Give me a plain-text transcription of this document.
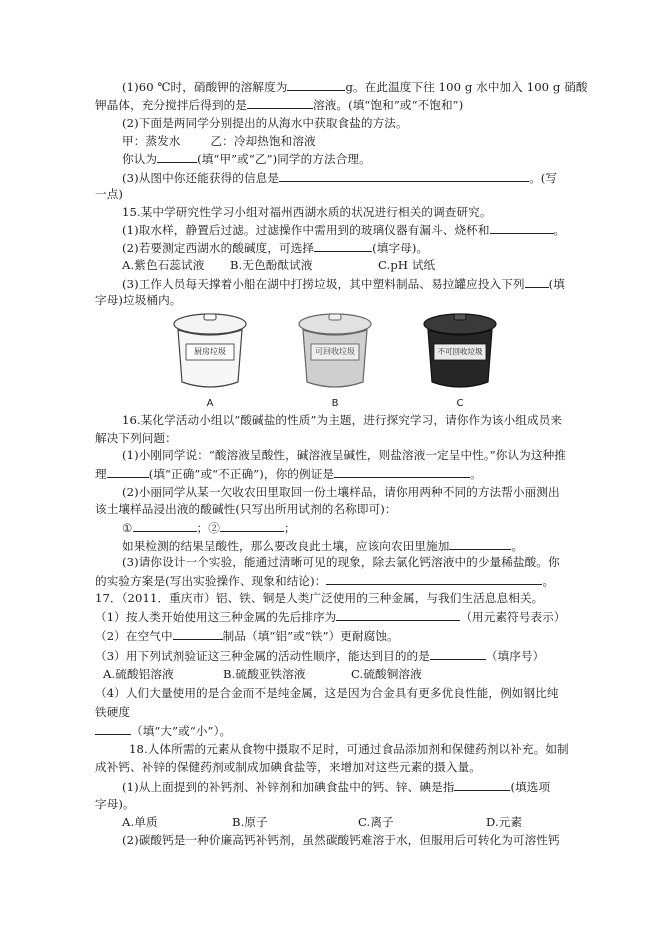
(1)60 ℃时，硝酸钾的溶解度为	g。在此温度下往 100 g 水中加入 100 g 硝酸
钾晶体，充分搅拌后得到的是	溶液。(填“饱和”或“不饱和”)
(2)下面是两同学分别提出的从海水中获取食盐的方法。
甲：蒸发水	乙：冷却热饱和溶液
你认为	(填“甲”或“乙”)同学的方法合理。
(3)从图中你还能获得的信息是	。(写
一点)
15.某中学研究性学习小组对福州西湖水质的状况进行相关的调查研究。
(1)取水样，静置后过滤。过滤操作中需用到的玻璃仪器有漏斗、烧杯和	。
(2)若要测定西湖水的酸碱度，可选择	(填字母)。
A.紫色石蕊试液 B.无色酚酞试液	C.pH 试纸
(3)工作人员每天撑着小船在湖中打捞垃圾，其中塑料制品、易拉罐应投入下列 (填
字母)垃圾桶内。
厨房垃圾	可回收垃圾	不可回收垃圾
A	B	C
16.某化学活动小组以“酸碱盐的性质”为主题，进行探究学习，请你作为该小组成员来
解决下列问题：
(1)小刚同学说：“酸溶液呈酸性，碱溶液呈碱性，则盐溶液一定呈中性。”你认为这种推
理	(填“正确”或“不正确”)，你的例证是	。
(2)小丽同学从某一欠收农田里取回一份土壤样品，请你用两种不同的方法帮小丽测出
该土壤样品浸出液的酸碱性(只写出所用试剂的名称即可)：
①	；②	；
如果检测的结果呈酸性，那么要改良此土壤，应该向农田里施加	。
(3)请你设计一个实验，能通过清晰可见的现象，除去氯化钙溶液中的少量稀盐酸。你
的实验方案是(写出实验操作、现象和结论)：	。
17．（2011．重庆市）铝、铁、铜是人类广泛使用的三种金属，与我们生活息息相关。
（1）按人类开始使用这三种金属的先后排序为	（用元素符号表示）
（2）在空气中	制品（填“铝”或“铁”）更耐腐蚀。
（3）用下列试剂验证这三种金属的活动性顺序，能达到目的的是	（填序号）
A.硫酸铝溶液	B.硫酸亚铁溶液	C.硫酸铜溶液
（4）人们大量使用的是合金而不是纯金属，这是因为合金具有更多优良性能，例如钢比纯
铁硬度
（填“大”或“小”）。
18.人体所需的元素从食物中摄取不足时，可通过食品添加剂和保健药剂以补充。如制
成补钙、补锌的保健药剂或制成加碘食盐等，来增加对这些元素的摄入量。
(1)从上面提到的补钙剂、补锌剂和加碘食盐中的钙、锌、碘是指	(填选项
字母)。
A.单质	B.原子	C.离子	D.元素
(2)碳酸钙是一种价廉高钙补钙剂，虽然碳酸钙难溶于水，但服用后可转化为可溶性钙
